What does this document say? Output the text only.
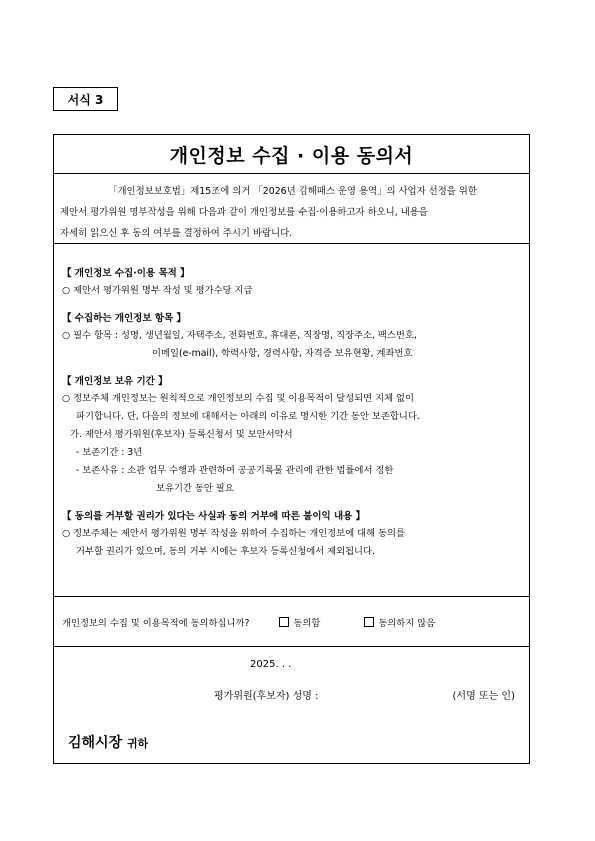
서식 3
개인정보 수집 · 이용 동의서

「개인정보보호법」제15조에 의거 「2026년 김해패스 운영 용역」의 사업자 선정을 위한

제안서 평가위원 명부작성을 위해 다음과 같이 개인정보를 수집·이용하고자 하오니, 내용을

자세히 읽으신 후 동의 여부를 결정하여 주시기 바랍니다.

【 개인정보 수집·이용 목적 】

○ 제안서 평가위원 명부 작성 및 평가수당 지급

【 수집하는 개인정보 항목 】

○ 필수 항목 : 성명, 생년월일, 자택주소, 전화번호, 휴대폰, 직장명, 직장주소, 팩스번호,

이메일(e-mail), 학력사항, 경력사항, 자격증 보유현황, 계좌번호

【 개인정보 보유 기간 】

○ 정보주체 개인정보는 원칙적으로 개인정보의 수집 및 이용목적이 달성되면 지체 없이

파기합니다. 단, 다음의 정보에 대해서는 아래의 이유로 명시한 기간 동안 보존합니다.

가. 제안서 평가위원(후보자) 등록신청서 및 보안서약서

- 보존기간 : 3년

- 보존사유 : 소관 업무 수행과 관련하여 공공기록물 관리에 관한 법률에서 정한

보유기간 동안 필요

【 동의를 거부할 권리가 있다는 사실과 동의 거부에 따른 불이익 내용 】

○ 정보주체는 제안서 평가위원 명부 작성을 위하여 수집하는 개인정보에 대해 동의를

거부할 권리가 있으며, 동의 거부 시에는 후보자 등록신청에서 제외됩니다.

개인정보의 수집 및 이용목적에 동의하십니까?	동의함	동의하지 않음
2025. . .
평가위원(후보자) 성명 :	(서명 또는 인)
김해시장 귀하
